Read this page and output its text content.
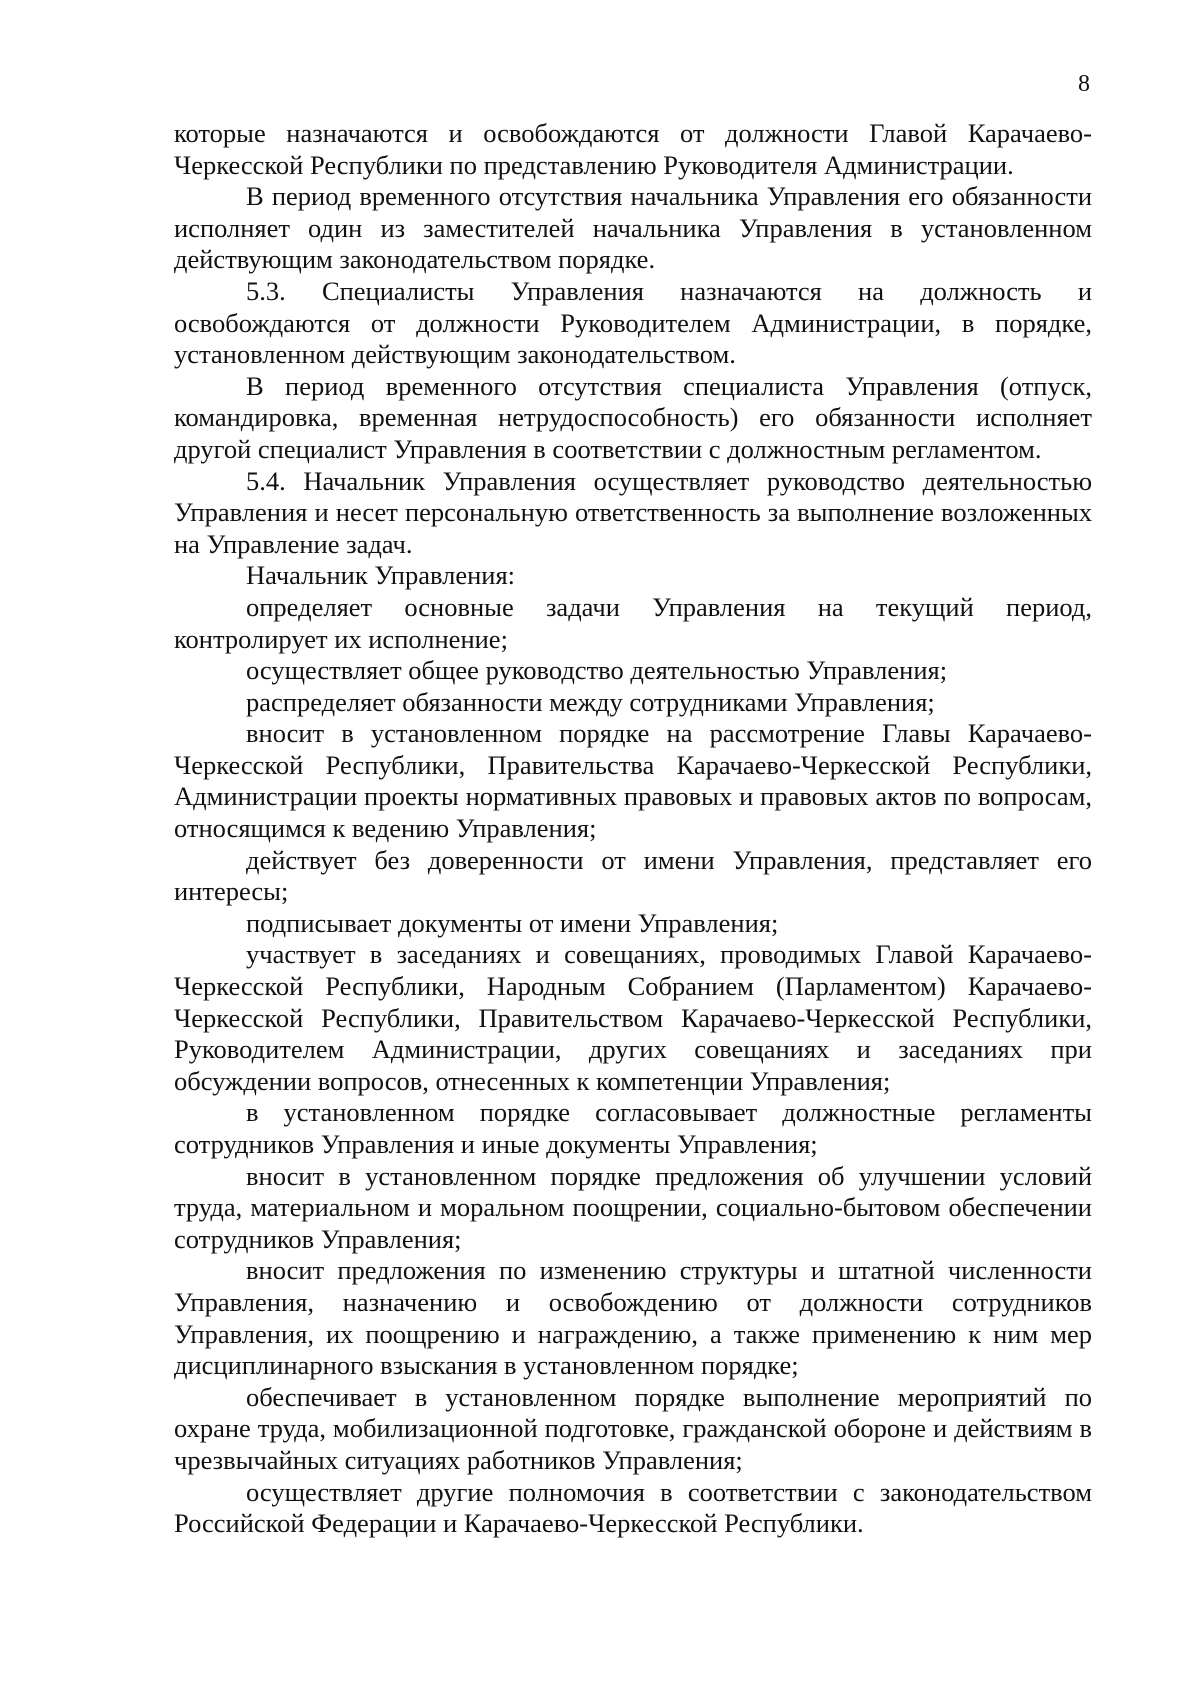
8

которые назначаются и освобождаются от должности Главой Карачаево-Черкесской Республики по представлению Руководителя Администрации.

В период временного отсутствия начальника Управления его обязанности исполняет один из заместителей начальника Управления в установленном действующим законодательством порядке.

5.3. Специалисты Управления назначаются на должность и освобождаются от должности Руководителем Администрации, в порядке, установленном действующим законодательством.

В период временного отсутствия специалиста Управления (отпуск, командировка, временная нетрудоспособность) его обязанности исполняет другой специалист Управления в соответствии с должностным регламентом.

5.4. Начальник Управления осуществляет руководство деятельностью Управления и несет персональную ответственность за выполнение возложенных на Управление задач.

Начальник Управления:

определяет основные задачи Управления на текущий период, контролирует их исполнение;

осуществляет общее руководство деятельностью Управления;

распределяет обязанности между сотрудниками Управления;

вносит в установленном порядке на рассмотрение Главы Карачаево-Черкесской Республики, Правительства Карачаево-Черкесской Республики, Администрации проекты нормативных правовых и правовых актов по вопросам, относящимся к ведению Управления;

действует без доверенности от имени Управления, представляет его интересы;

подписывает документы от имени Управления;

участвует в заседаниях и совещаниях, проводимых Главой Карачаево-Черкесской Республики, Народным Собранием (Парламентом) Карачаево-Черкесской Республики, Правительством Карачаево-Черкесской Республики, Руководителем Администрации, других совещаниях и заседаниях при обсуждении вопросов, отнесенных к компетенции Управления;

в установленном порядке согласовывает должностные регламенты сотрудников Управления и иные документы Управления;

вносит в установленном порядке предложения об улучшении условий труда, материальном и моральном поощрении, социально-бытовом обеспечении сотрудников Управления;

вносит предложения по изменению структуры и штатной численности Управления, назначению и освобождению от должности сотрудников Управления, их поощрению и награждению, а также применению к ним мер дисциплинарного взыскания в установленном порядке;

обеспечивает в установленном порядке выполнение мероприятий по охране труда, мобилизационной подготовке, гражданской обороне и действиям в чрезвычайных ситуациях работников Управления;

осуществляет другие полномочия в соответствии с законодательством Российской Федерации и Карачаево-Черкесской Республики.
